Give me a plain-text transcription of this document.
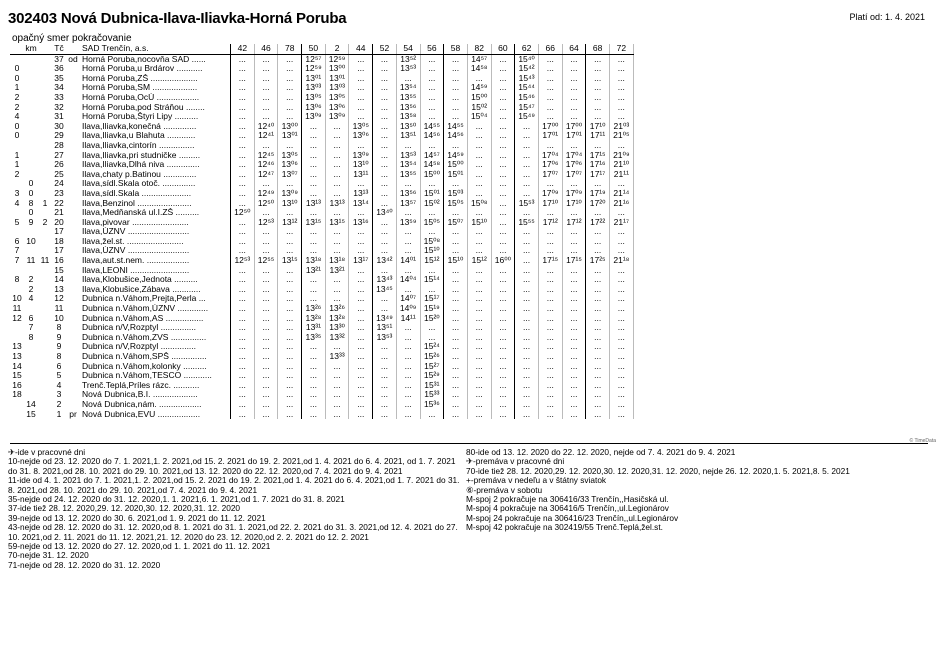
302403 Nová Dubnica-Ilava-Iliavka-Horná Poruba	Platí od: 1. 4. 2021
opačný smer pokračovanie
km			Tč		SAD Trenčín, a.s.	42	46	78	50	2	44	52	54	56	58	82	60	62	66	64	68	72
			37	od	Horná Poruba,nocovňa SAD ......	...	...	...	12⁵⁷	12⁵⁹	...	...	13⁵²	...	...	14⁵⁷	...	15⁴⁰	...	...	...	...
0			36		Horná Poruba,u Brdárov ...........	...	...	...	12⁵⁹	13⁰⁰	...	...	13⁵³	...	...	14⁵⁸	...	15⁴²	...	...	...	...
0			35		Horná Poruba,ZŠ ....................	...	...	...	13⁰¹	13⁰¹	...	...	...	...	...	...	...	15⁴³	...	...	...	...
1			34		Horná Poruba,SM ...................	...	...	...	13⁰³	13⁰³	...	...	13⁵⁴	...	...	14⁵⁹	...	15⁴⁴	...	...	...	...
2			33		Horná Poruba,OcÚ ..................	...	...	...	13⁰⁵	13⁰⁵	...	...	13⁵⁵	...	...	15⁰⁰	...	15⁴⁶	...	...	...	...
2			32		Horná Poruba,pod Stráňou ........	...	...	...	13⁰⁶	13⁰⁶	...	...	13⁵⁶	...	...	15⁰²	...	15⁴⁷	...	...	...	...
4			31		Horná Poruba,Štyri Lipy ..........	...	...	...	13⁰⁹	13⁰⁹	...	...	13⁵⁸	...	...	15⁰⁴	...	15⁴⁹	...	...	...	...
0			30		Ilava,Iliavka,konečná ..............	...	12⁴⁰	13⁰⁰	...	...	13⁰⁵	...	13⁵⁰	14⁵⁵	14⁵⁵	...	...	...	17⁰⁰	17⁰⁰	17¹⁰	21⁰³
0			29		Ilava,Iliavka,u Blahuta ............	...	12⁴¹	13⁰¹	...	...	13⁰⁶	...	13⁵¹	14⁵⁶	14⁵⁶	...	...	...	17⁰¹	17⁰¹	17¹¹	21⁰⁵
			28		Ilava,Iliavka,cintorín ...............	...	...	...	...	...	...	...	...	...	...	...	...	...	...	...	...	...
1			27		Ilava,Iliavka,pri studničke .........	...	12⁴⁵	13⁰⁵	...	...	13⁰⁹	...	13⁵³	14⁵⁷	14⁵⁹	...	...	...	17⁰⁴	17⁰⁴	17¹⁵	21⁰⁹
1			26		Ilava,Iliavka,Dlhá niva ..............	...	12⁴⁶	13⁰⁶	...	...	13¹⁰	...	13⁵⁴	14⁵⁸	15⁰⁰	...	...	...	17⁰⁶	17⁰⁶	17¹⁶	21¹⁰
2			25		Ilava,chaty p.Batinou ..............	...	12⁴⁷	13⁰⁷	...	...	13¹¹	...	13⁵⁵	15⁰⁰	15⁰¹	...	...	...	17⁰⁷	17⁰⁷	17¹⁷	21¹¹
	0		24		Ilava,sídl.Skala otoč. ..............	...	...	...	...	...	...	...	...	...	...	...	...	...	...	...	...	...
3	0		23		Ilava,sídl.Skala .....................	...	12⁴⁹	13⁰⁹	...	...	13¹³	...	13⁵⁶	15⁰¹	15⁰³	...	...	...	17⁰⁹	17⁰⁹	17¹⁹	21¹⁴
4	8	1	22		Ilava,Benzinol .......................	...	12⁵⁰	13¹⁰	13¹³	13¹³	13¹⁴	...	13⁵⁷	15⁰²	15⁰⁵	15⁰⁸	...	15⁵³	17¹⁰	17¹⁰	17²⁰	21¹⁶
	0		21		Ilava,Medňanská ul.I.ZŠ ..........	12⁵⁰	...	...	...	...	...	13⁴⁰	...	...	...	...	...	...	...	...	...	...
5	9	2	20		Ilava,pivovar ........................	...	12⁵³	13¹²	13¹⁵	13¹⁵	13¹⁶	...	13⁵⁹	15⁰⁵	15⁰⁷	15¹⁰	...	15⁵⁵	17¹²	17¹²	17²²	21¹⁷
			17		Ilava,ÚZNV ..........................	...	...	...	...	...	...	...	...	...	...	...	...	...	...	...	...	...
6	10		18		Ilava,žel.st. ........................	...	...	...	...	...	...	...	...	15⁰⁸	...	...	...	...	...	...	...	...
7			17		Ilava,ÚZNV ..........................	...	...	...	...	...	...	...	...	15¹⁰	...	...	...	...	...	...	...	...
7	11	11	16		Ilava,aut.st.nem. ..................	12⁵³	12⁵⁵	13¹⁵	13¹⁸	13¹⁸	13¹⁷	13⁴²	14⁰¹	15¹²	15¹⁰	15¹²	16⁰⁰	...	17¹⁵	17¹⁵	17²⁵	21¹⁸
			15		Ilava,LEONI .........................	...	...	...	13²¹	13²¹	...	...	...	...	...	...	...	...	...	...	...	...
8	2		14		Ilava,Klobušice,Jednota ..........	...	...	...	...	...	...	13⁴³	14⁰⁴	15¹⁴	...	...	...	...	...	...	...	...
	2		13		Ilava,Klobušice,Zábava ............	...	...	...	...	...	...	13⁴⁵	...	...	...	...	...	...	...	...	...	...
10	4		12		Dubnica n.Váhom,Prejta,Perla ...	...	...	...	...	...	...	...	14⁰⁷	15¹⁷	...	...	...	...	...	...	...	...
11			11		Dubnica n.Váhom,ÚZNV .............	...	...	...	13²⁶	13²⁶	...	...	14⁰⁹	15¹⁹	...	...	...	...	...	...	...	...
12	6		10		Dubnica n.Váhom,AS ................	...	...	...	13²⁸	13²⁸	...	13⁴⁹	14¹¹	15²⁰	...	...	...	...	...	...	...	...
	7		8		Dubnica n/V,Rozptyl ...............	...	...	...	13³¹	13³⁰	...	13⁵¹	...	...	...	...	...	...	...	...	...	...
	8		9		Dubnica n.Váhom,ZVS ...............	...	...	...	13³⁵	13³²	...	13⁵³	...	...	...	...	...	...	...	...	...	...
13			9		Dubnica n/V,Rozptyl ...............	...	...	...	...	...	...	...	...	15²⁴	...	...	...	...	...	...	...	...
13			8		Dubnica n.Váhom,SPŠ ...............	...	...	...	...	13³³	...	...	...	15²⁶	...	...	...	...	...	...	...	...
14			6		Dubnica n.Váhom,kolonky ..........	...	...	...	...	...	...	...	...	15²⁷	...	...	...	...	...	...	...	...
15			5		Dubnica n.Váhom,TESCO ............	...	...	...	...	...	...	...	...	15²⁹	...	...	...	...	...	...	...	...
16			4		Trenč.Teplá,Príles rázc. ...........	...	...	...	...	...	...	...	...	15³¹	...	...	...	...	...	...	...	...
18			3		Nová Dubnica,B.I. ...................	...	...	...	...	...	...	...	...	15³³	...	...	...	...	...	...	...	...
	14		2		Nová Dubnica,nám. ..................	...	...	...	...	...	...	...	...	15³⁶	...	...	...	...	...	...	...	...
	15		1	pr	Nová Dubnica,EVU ..................	...	...	...	...	...	...	...	...	...	...	...	...	...	...	...	...	...
© TimeData
✈-ide v pracovné dni
10-nejde od 23. 12. 2020 do 7. 1. 2021,1. 2. 2021,od 15. 2. 2021 do 19. 2. 2021,od 1. 4. 2021 do 6. 4. 2021, od 1. 7. 2021 do 31. 8. 2021,od 28. 10. 2021 do 29. 10. 2021,od 13. 12. 2020 do 22. 12. 2020,od 7. 4. 2021 do 9. 4. 2021
11-ide od 4. 1. 2021 do 7. 1. 2021,1. 2. 2021,od 15. 2. 2021 do 19. 2. 2021,od 1. 4. 2021 do 6. 4. 2021,od 1. 7. 2021 do 31. 8. 2021,od 28. 10. 2021 do 29. 10. 2021,od 7. 4. 2021 do 9. 4. 2021
35-nejde od 24. 12. 2020 do 31. 12. 2020,1. 1. 2021,6. 1. 2021,od 1. 7. 2021 do 31. 8. 2021
37-ide tiež 28. 12. 2020,29. 12. 2020,30. 12. 2020,31. 12. 2020
39-nejde od 13. 12. 2020 do 30. 6. 2021,od 1. 9. 2021 do 11. 12. 2021
43-nejde od 28. 12. 2020 do 31. 12. 2020,od 8. 1. 2021 do 31. 1. 2021,od 22. 2. 2021 do 31. 3. 2021,od 12. 4. 2021 do 27. 10. 2021,od 2. 11. 2021 do 11. 12. 2021,21. 12. 2020 do 23. 12. 2020,od 2. 2. 2021 do 12. 2. 2021
59-nejde od 13. 12. 2020 do 27. 12. 2020,od 1. 1. 2021 do 11. 12. 2021
70-nejde 31. 12. 2020
71-nejde od 28. 12. 2020 do 31. 12. 2020
80-ide od 13. 12. 2020 do 22. 12. 2020, nejde od 7. 4. 2021 do 9. 4. 2021
✈-premáva v pracovné dni
70-ide tiež 28. 12. 2020,29. 12. 2020,30. 12. 2020,31. 12. 2020, nejde 26. 12. 2020,1. 5. 2021,8. 5. 2021
+-premáva v nedeľu a v štátny sviatok
⑥-premáva v sobotu
M-spoj 2 pokračuje na 306416/33 Trenčín,,Hasičská ul.
M-spoj 4 pokračuje na 306416/5 Trenčín,,ul.Legionárov
M-spoj 24 pokračuje na 306416/23 Trenčín,,ul.Legionárov
M-spoj 42 pokračuje na 302419/55 Trenč.Teplá,žel.st.
